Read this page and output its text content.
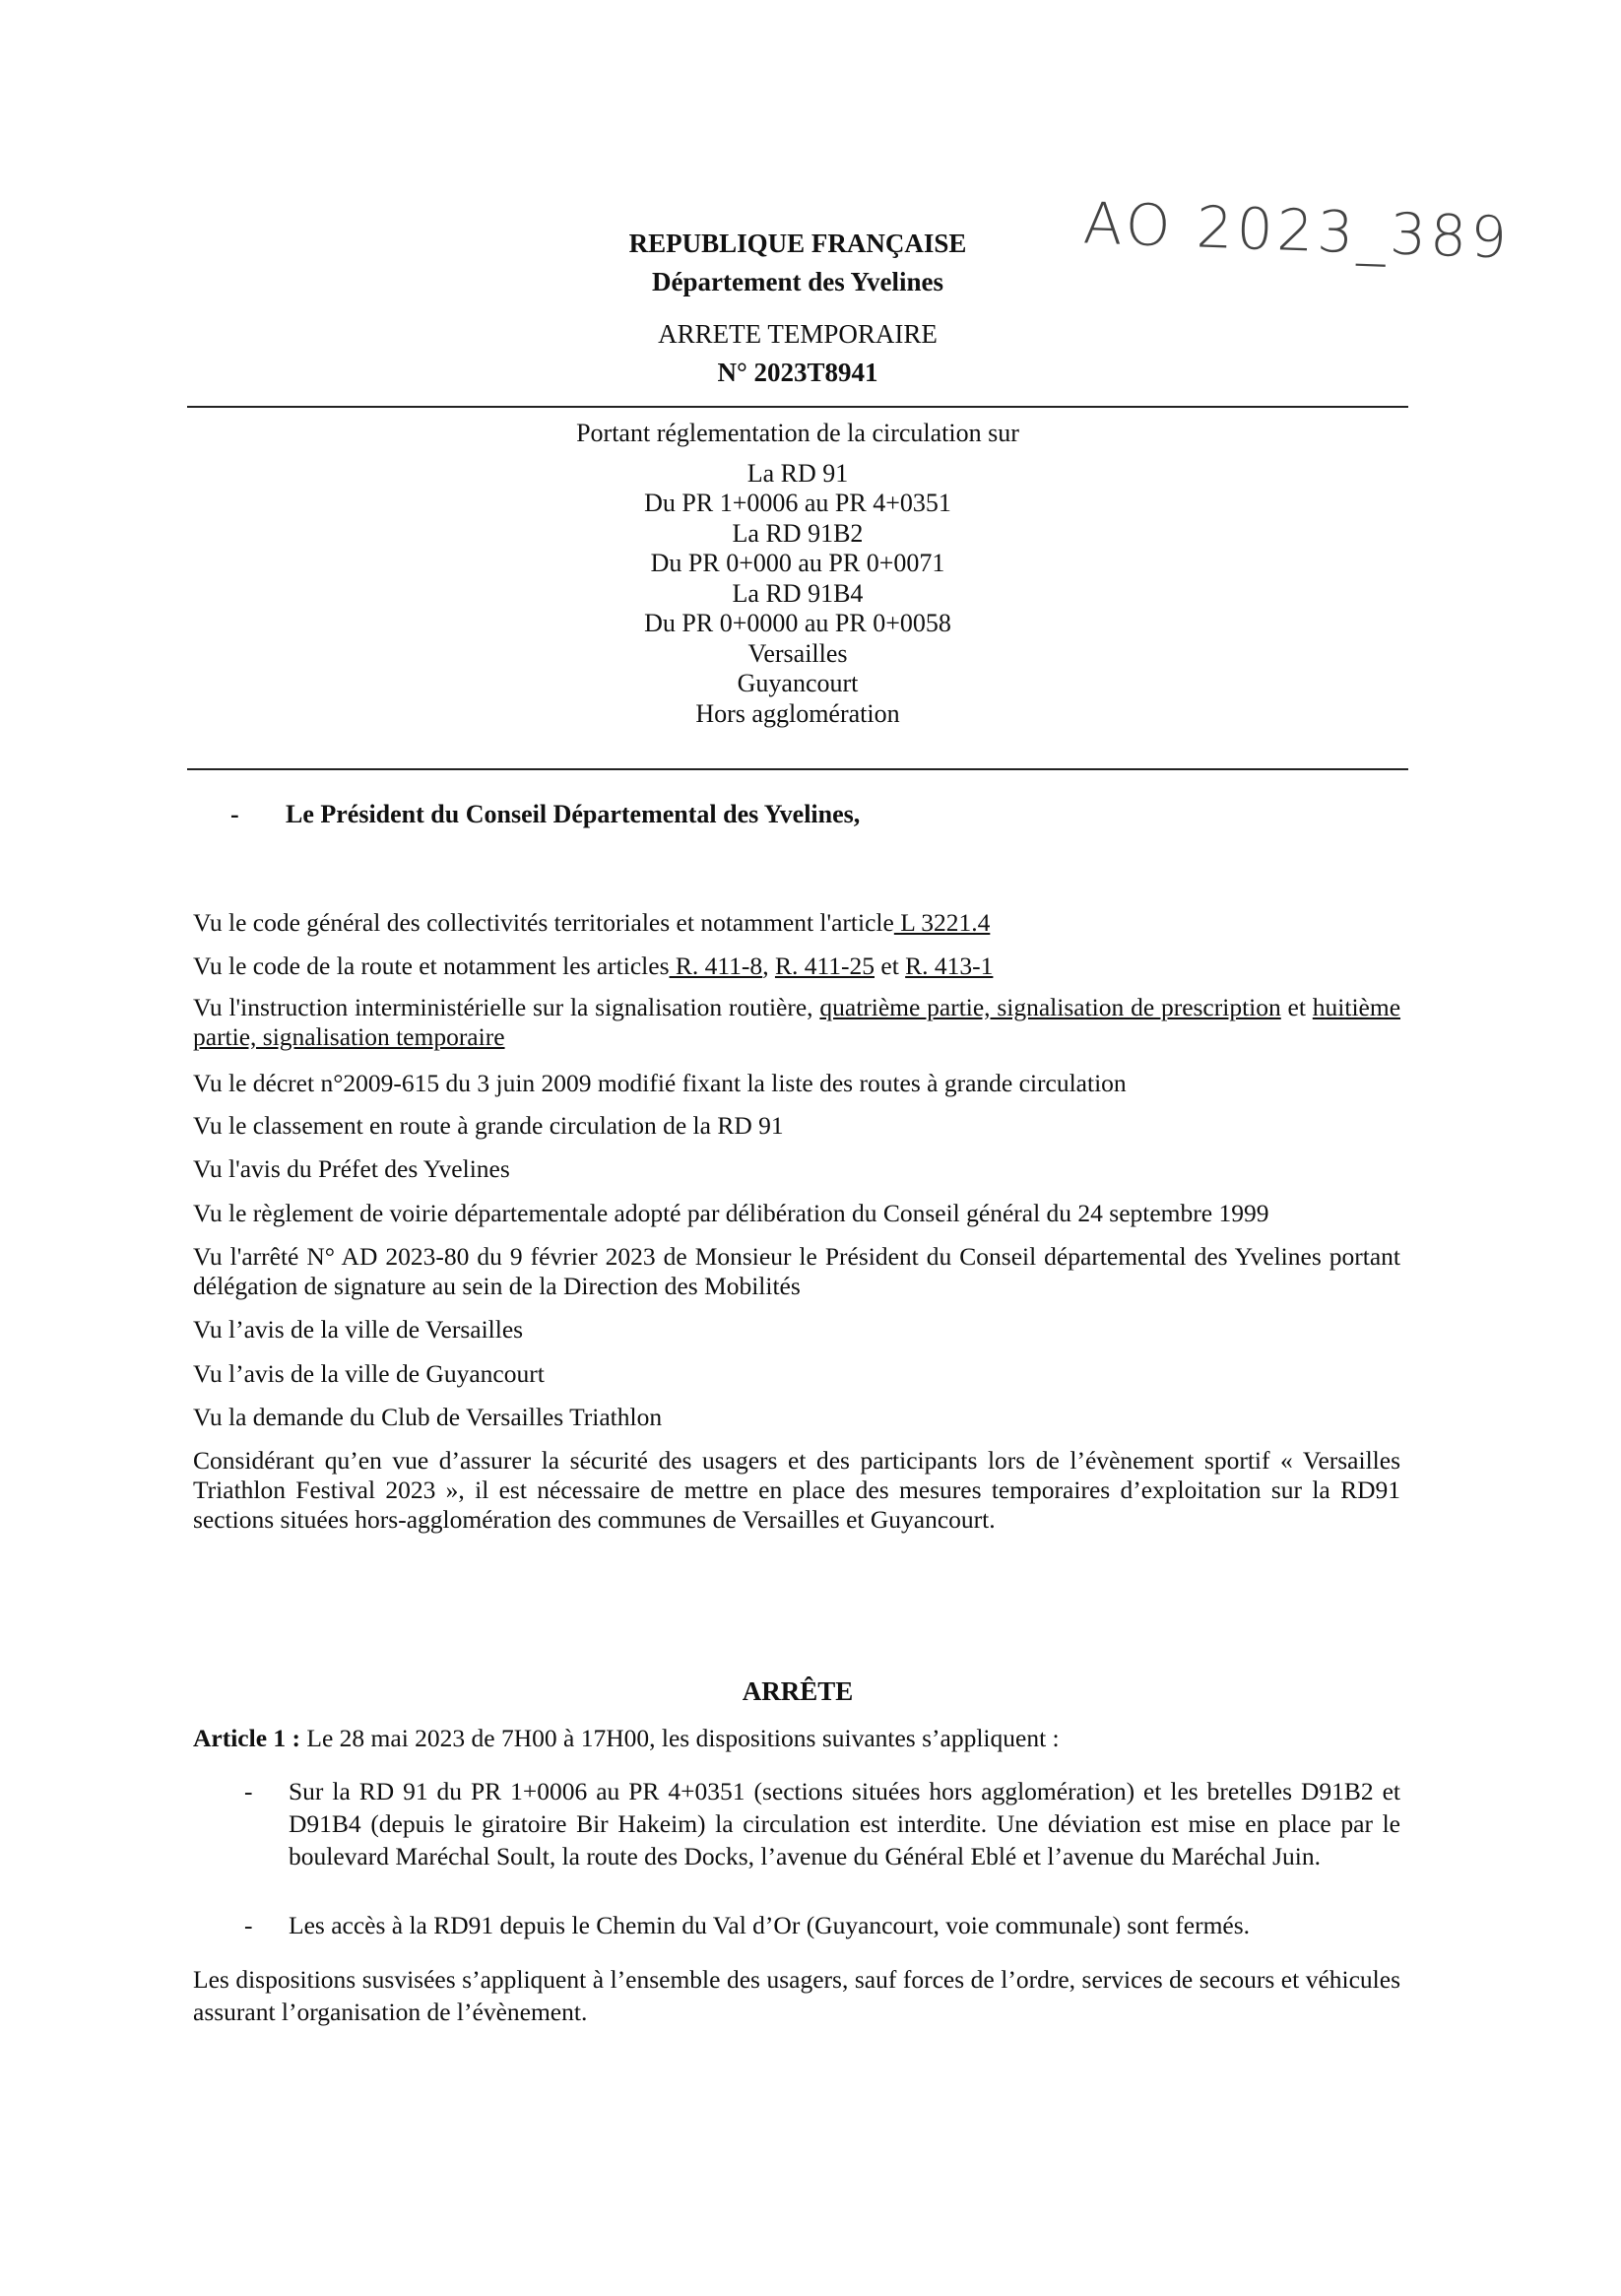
AO 2023_389
REPUBLIQUE FRANÇAISE
Département des Yvelines
ARRETE TEMPORAIRE
N° 2023T8941
Portant réglementation de la circulation sur
La RD 91
Du PR 1+0006 au PR 4+0351
La RD 91B2
Du PR 0+000 au PR 0+0071
La RD 91B4
Du PR 0+0000 au PR 0+0058
Versailles
Guyancourt
Hors agglomération
- Le Président du Conseil Départemental des Yvelines,
Vu le code général des collectivités territoriales et notamment l'article L 3221.4
Vu le code de la route et notamment les articles R. 411-8, R. 411-25 et R. 413-1
Vu l'instruction interministérielle sur la signalisation routière, quatrième partie, signalisation de prescription et huitième partie, signalisation temporaire
Vu le décret n°2009-615 du 3 juin 2009 modifié fixant la liste des routes à grande circulation
Vu le classement en route à grande circulation de la RD 91
Vu l'avis du Préfet des Yvelines
Vu le règlement de voirie départementale adopté par délibération du Conseil général du 24 septembre 1999
Vu l'arrêté N° AD 2023-80 du 9 février 2023 de Monsieur le Président du Conseil départemental des Yvelines portant délégation de signature au sein de la Direction des Mobilités
Vu l’avis de la ville de Versailles
Vu l’avis de la ville de Guyancourt
Vu la demande du Club de Versailles Triathlon
Considérant qu’en vue d’assurer la sécurité des usagers et des participants lors de l’évènement sportif « Versailles Triathlon Festival 2023 », il est nécessaire de mettre en place des mesures temporaires d’exploitation sur la RD91 sections situées hors-agglomération des communes de Versailles et Guyancourt.
ARRÊTE
Article 1 : Le 28 mai 2023 de 7H00 à 17H00, les dispositions suivantes s’appliquent :
- Sur la RD 91 du PR 1+0006 au PR 4+0351 (sections situées hors agglomération) et les bretelles D91B2 et D91B4 (depuis le giratoire Bir Hakeim) la circulation est interdite. Une déviation est mise en place par le boulevard Maréchal Soult, la route des Docks, l’avenue du Général Eblé et l’avenue du Maréchal Juin.
- Les accès à la RD91 depuis le Chemin du Val d’Or (Guyancourt, voie communale) sont fermés.
Les dispositions susvisées s’appliquent à l’ensemble des usagers, sauf forces de l’ordre, services de secours et véhicules assurant l’organisation de l’évènement.
